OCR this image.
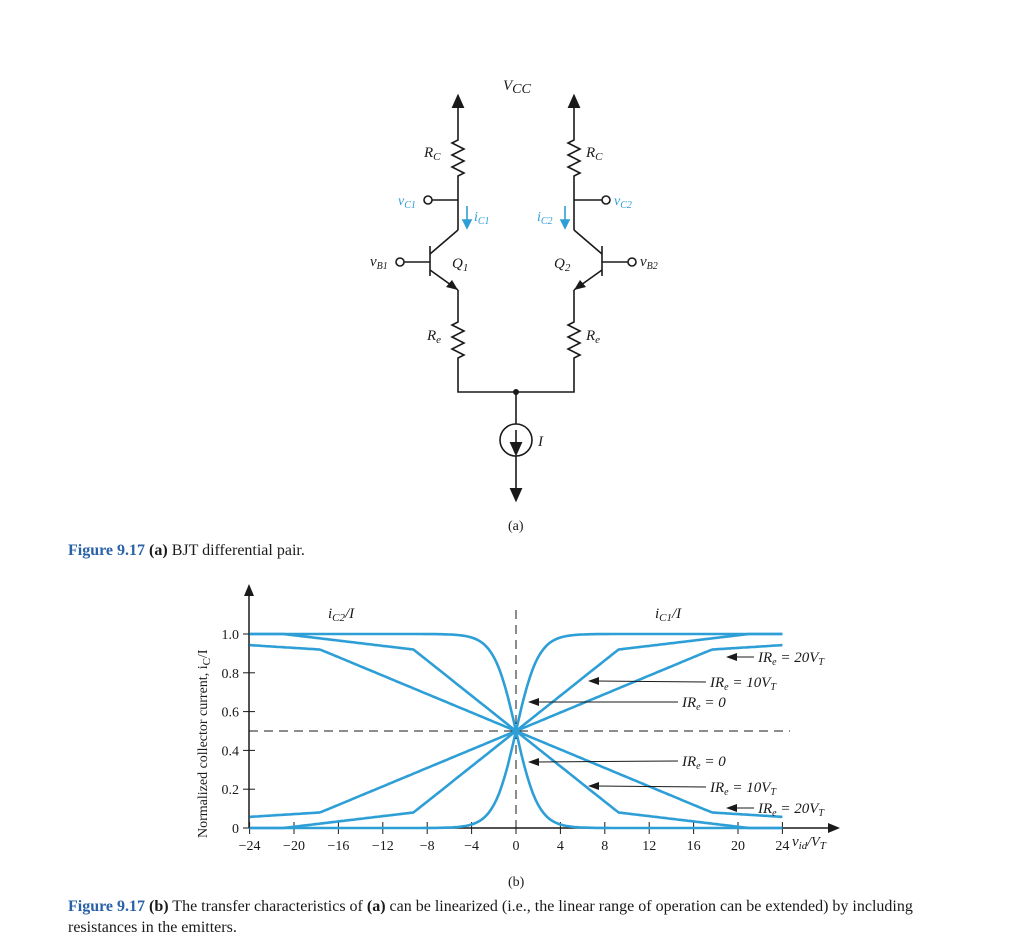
VCC
$R_C$	$R_C$
$R_e$	$R_e$
$Q_1$	$Q_2$
$v_{C1}$	$v_{C2}$
$v_{B1}$	$v_{B2}$
$i_{C1}$	$i_{C2}$
I
(a)
Figure 9.17 (a) BJT differential pair.
−24 −20 −16 −12 −8 −4 0	4	8 12 16 20 24
0
0.2
0.4
0.6
0.8
1.0
$IR_e = 20V_T$
$IR_e = 10V_T$
$IR_e = 0$
$IR_e = 0$
$IR_e = 10V_T$
$IR_e = 20V_T$
Normalized collector current, $i_C/I$
$v_{id}/V_T$
$i_{C2}/I$	$i_{C1}/I$
(b)
Figure 9.17 (b) The transfer characteristics of (a) can be linearized (i.e., the linear range of operation can be extended) by including resistances in the emitters.
